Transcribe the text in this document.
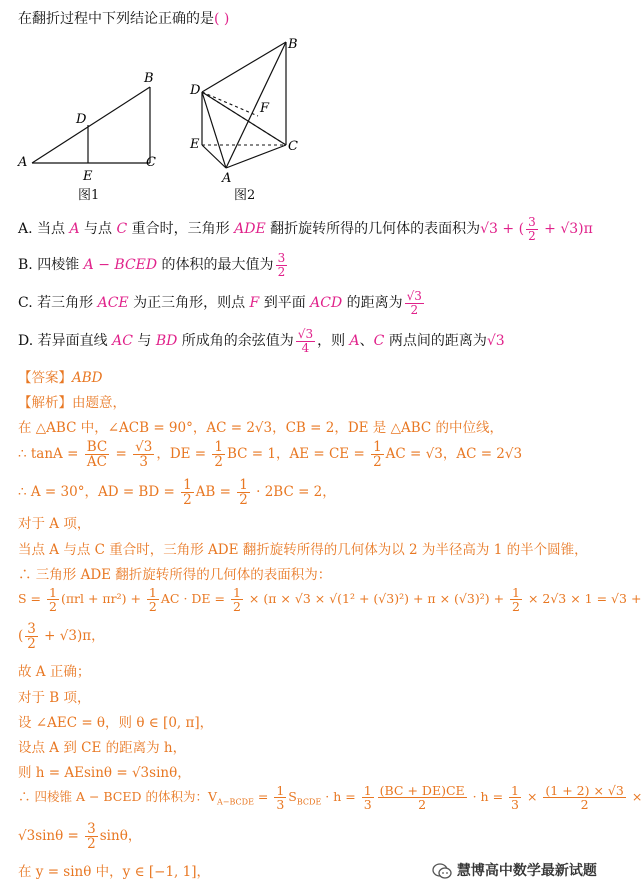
在翻折过程中下列结论正确的是( )
A
B
C
D
E
图1
D
B
F
E	C
A
图2
A. 当点 A 与点 C 重合时，三角形 ADE 翻折旋转所得的几何体的表面积为√3 + ( $\frac{3}{2} + √3)\pi$
B. 四棱锥 A − BCED 的体积的最大值为 $\frac{3}{2}$
C. 若三角形 ACE 为正三角形，则点 F 到平面 ACD 的距离为 $\frac{√3}{2}$
D. 若异面直线 AC 与 BD 所成角的余弦值为 $\frac{√3}{4}$ ，则 A、C 两点间的距离为√3
【答案】ABD
【解析】由题意，
在 △ABC 中，∠ACB = 90°，AC = 2√3，CB = 2，DE 是 △ABC 的中位线，
∴ $\tan A = \frac{BC}{AC} = \frac{√3}{3}$ ，DE = $\frac{1}{2}$ BC = 1，AE = CE = $\frac{1}{2}$ AC = √3，AC = 2√3
∴ A = 30°，AD = BD = $\frac{1}{2}$ AB = $\frac{1}{2} \cdot 2BC = 2$，
对于 A 项，
当点 A 与点 C 重合时，三角形 ADE 翻折旋转所得的几何体为以 2 为半径高为 1 的半个圆锥，
∴ 三角形 ADE 翻折旋转所得的几何体的表面积为：
$S = \frac{1}{2} (\pi rl + \pi r^2) + \frac{1}{2}$ AC · DE = $\frac{1}{2} \times (\pi \times √3 \times √(1^2 + (√3)^2) + \pi \times (√3)^2) + \frac{1}{2} \times 2√3 \times 1 = √3$ +
( $\frac{3}{2} + √3)\pi$，
故 A 正确；
对于 B 项，
设 ∠AEC = θ，则 θ ∈ [0, π]，
设点 A 到 CE 的距离为 h，
则 h = AEsinθ = √3sinθ，
∴ 四棱锥 A − BCED 的体积为：$V_{A-BCDE} = \frac{1}{3} S_{BCDE} \cdot h = \frac{1}{3} \frac{(BC + DE)CE}{2} \cdot h = \frac{1}{3} \times \frac{(1 + 2) \times √3}{2}$ ×
$√3\sin\theta = \frac{3}{2}$ sinθ，
在 y = sinθ 中，y ∈ [−1, 1]，	慧博高中数学最新试题
